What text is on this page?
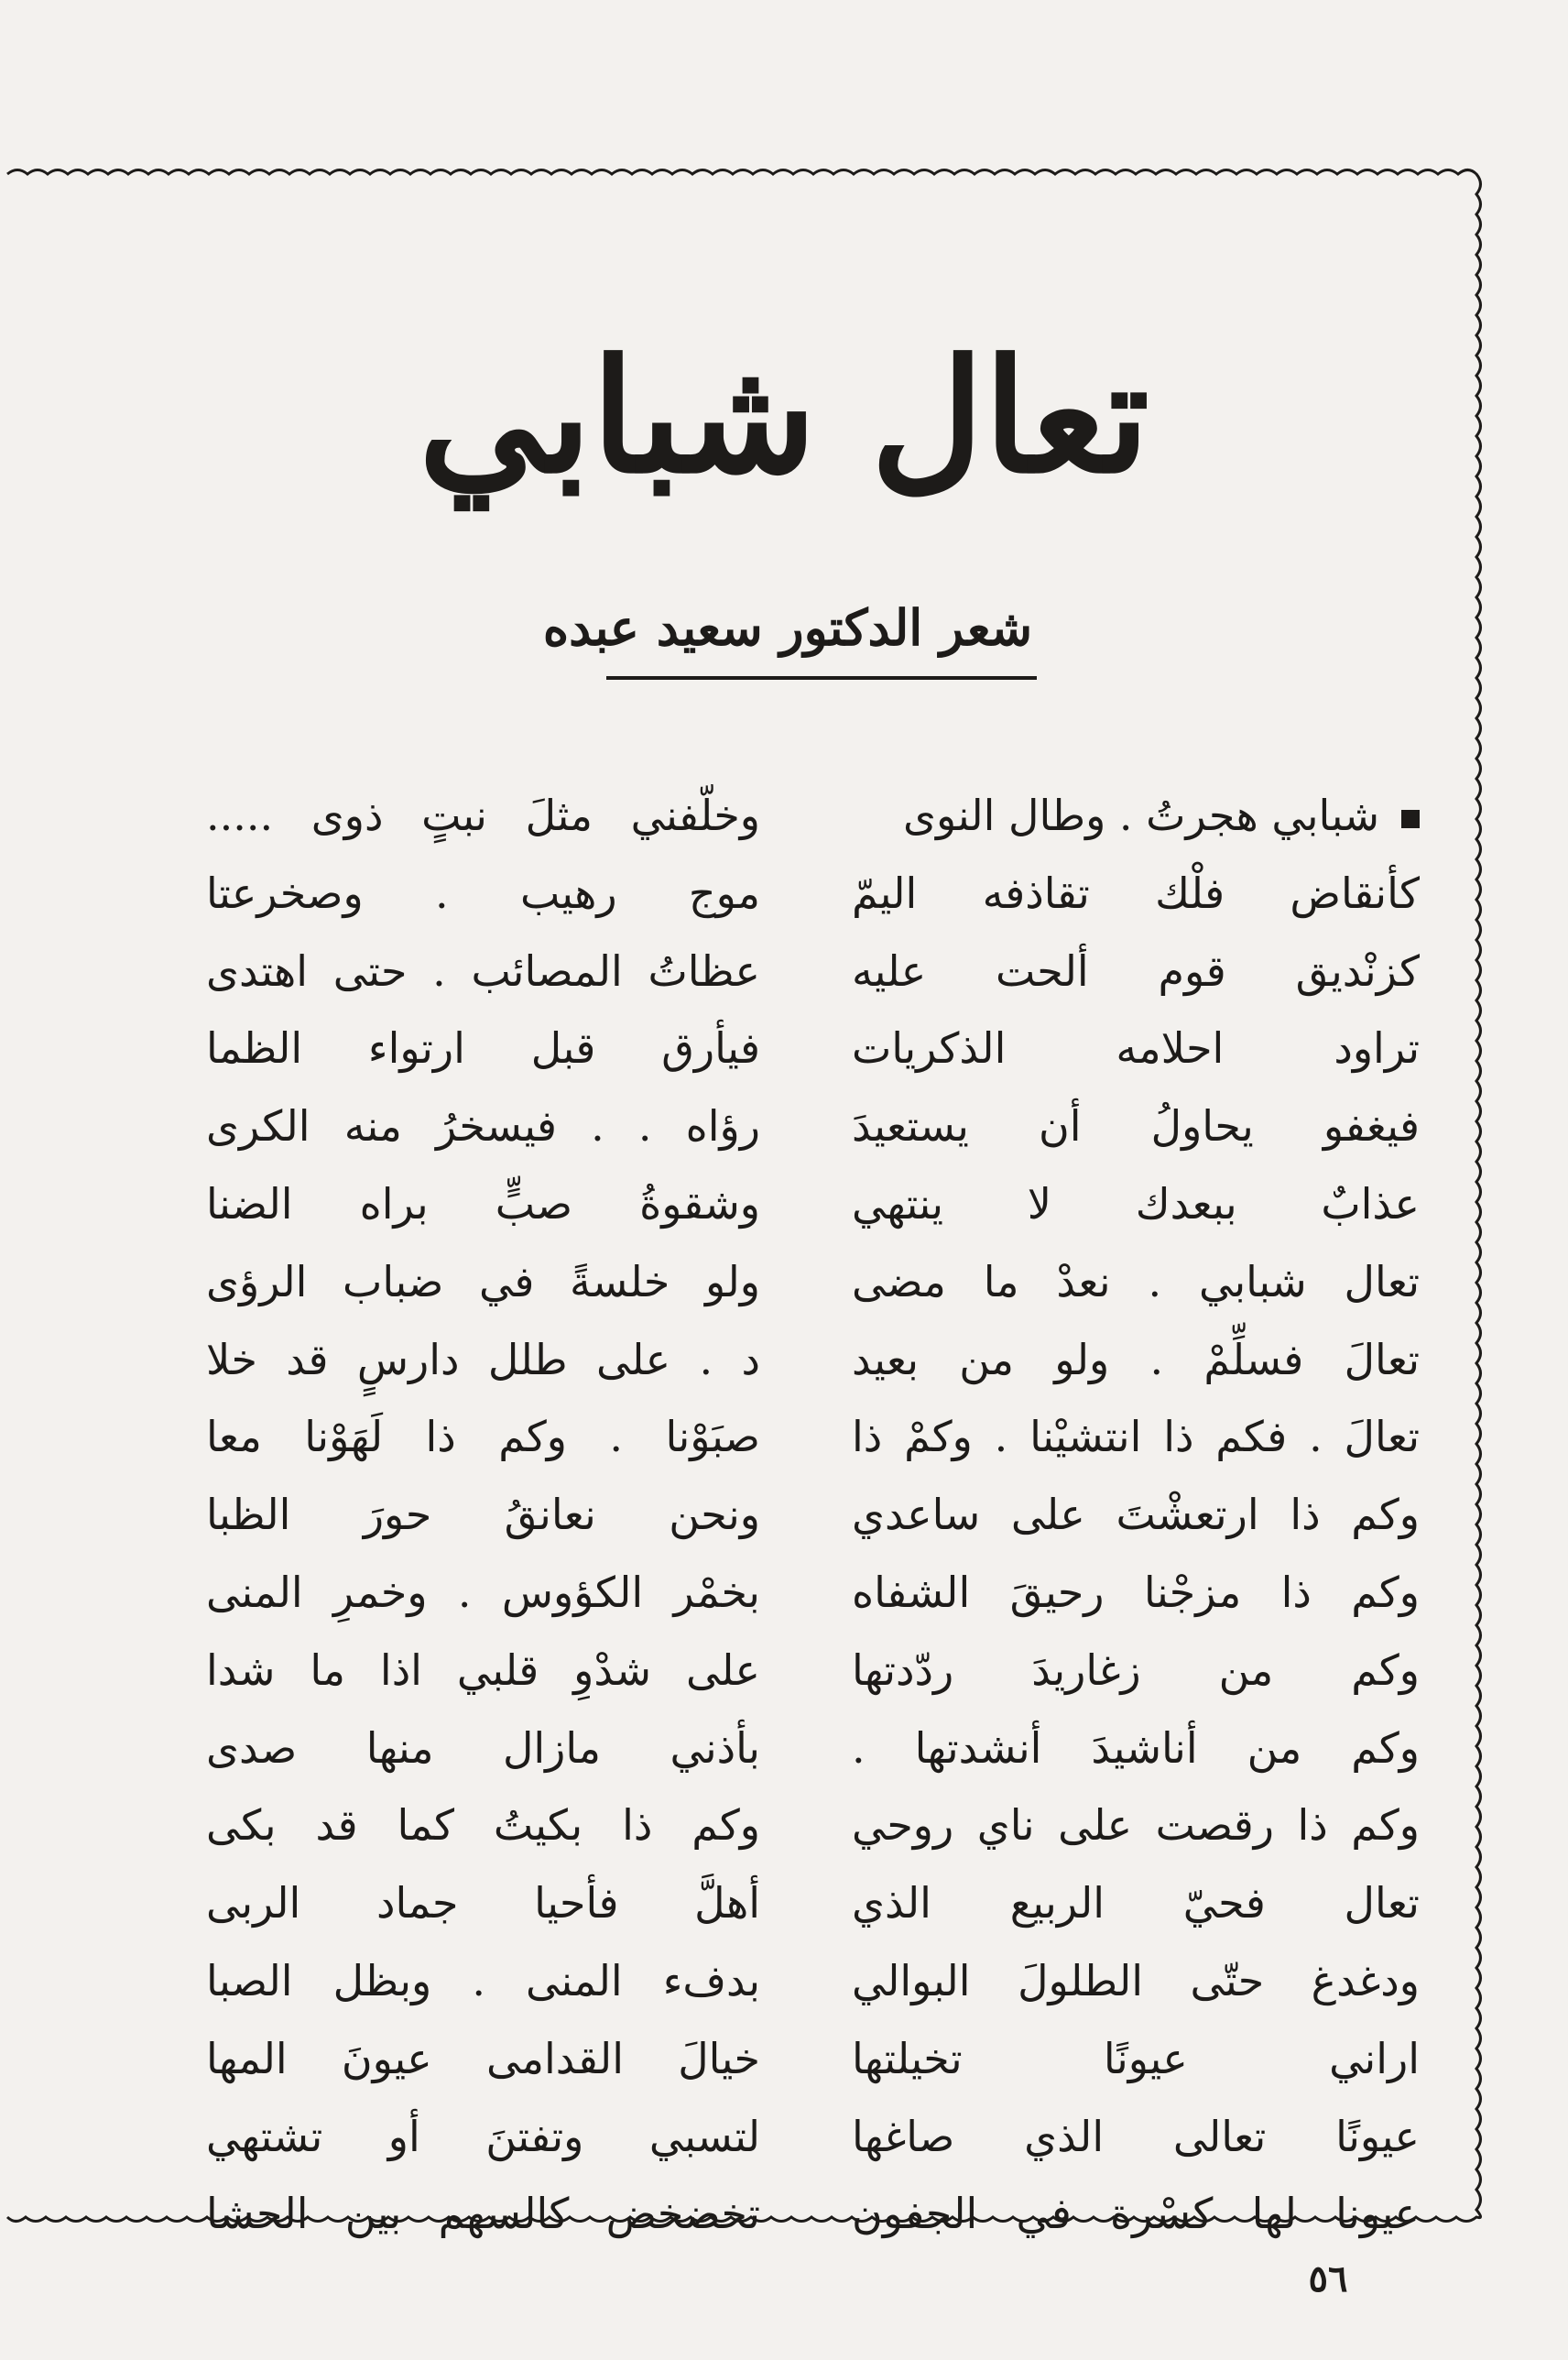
تعال شبابي
شعر الدكتور سعيد عبده
شبابي هجرتُ . وطال النوى
كأنقاض فلْك تقاذفه اليمّ
كزنْديق قوم ألحت عليه
تراود احلامه الذكريات
فيغفو يحاولُ أن يستعيدَ
عذابٌ ببعدك لا ينتهي
تعال شبابي . نعدْ ما مضى
تعالَ فسلِّمْ . ولو من بعيد
تعالَ . فكم ذا انتشيْنا . وكمْ ذا
وكم ذا ارتعشْتَ على ساعدي
وكم ذا مزجْنا رحيقَ الشفاه
وكم من زغاريدَ ردّدتها
وكم من أناشيدَ أنشدتها .
وكم ذا رقصت على ناي روحي
تعال فحيّ الربيع الذي
ودغدغ حتّى الطلولَ البوالي
اراني عيونًا تخيلتها
عيونًا تعالى الذي صاغها
عيونا لها كسْرة في الجفون
وخلّفني مثلَ نبتٍ ذوى .....
موج رهيب . وصخرعتا
عظاتُ المصائب . حتى اهتدى
فيأرق قبل ارتواء الظما
رؤاه . . فيسخرُ منه الكرى
وشقوةُ صبٍّ براه الضنا
ولو خلسةً في ضباب الرؤى
د . على طلل دارسٍ قد خلا
صبَوْنا . وكم ذا لَهَوْنا معا
ونحن نعانقُ حورَ الظبا
بخمْر الكؤوس . وخمرِ المنى
على شدْوِ قلبي اذا ما شدا
بأذني مازال منها صدى
وكم ذا بكيتُ كما قد بكى
أهلَّ فأحيا جماد الربى
بدفء المنى . وبظل الصبا
خيالَ القدامى عيونَ المها
لتسبي وتفتنَ أو تشتهي
تخضخض كالسهم بين الحشا
٥٦
